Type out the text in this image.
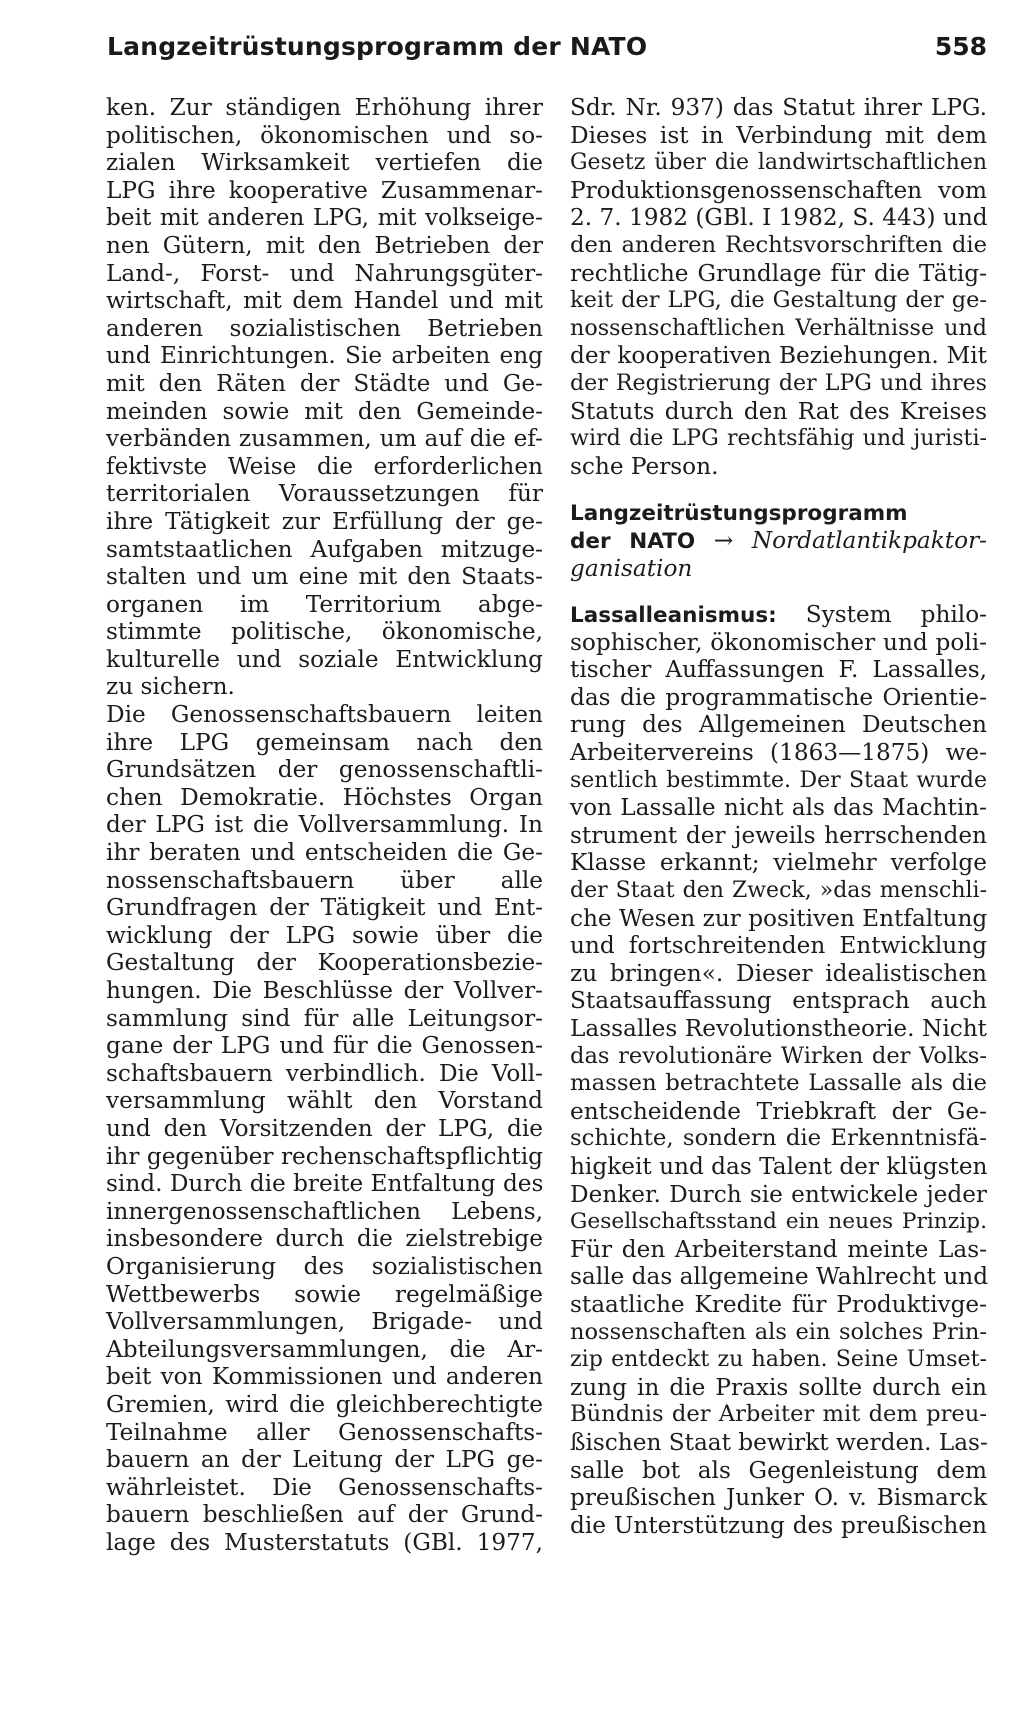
Langzeitrüstungsprogramm der NATO	558
ken. Zur ständigen Erhöhung ihrer
politischen, ökonomischen und so-
zialen Wirksamkeit vertiefen die
LPG ihre kooperative Zusammenar-
beit mit anderen LPG, mit volkseige-
nen Gütern, mit den Betrieben der
Land-, Forst- und Nahrungsgüter-
wirtschaft, mit dem Handel und mit
anderen sozialistischen Betrieben
und Einrichtungen. Sie arbeiten eng
mit den Räten der Städte und Ge-
meinden sowie mit den Gemeinde-
verbänden zusammen, um auf die ef-
fektivste Weise die erforderlichen
territorialen Voraussetzungen für
ihre Tätigkeit zur Erfüllung der ge-
samtstaatlichen Aufgaben mitzuge-
stalten und um eine mit den Staats-
organen im Territorium abge-
stimmte politische, ökonomische,
kulturelle und soziale Entwicklung
zu sichern.
Die Genossenschaftsbauern leiten
ihre LPG gemeinsam nach den
Grundsätzen der genossenschaftli-
chen Demokratie. Höchstes Organ
der LPG ist die Vollversammlung. In
ihr beraten und entscheiden die Ge-
nossenschaftsbauern über alle
Grundfragen der Tätigkeit und Ent-
wicklung der LPG sowie über die
Gestaltung der Kooperationsbezie-
hungen. Die Beschlüsse der Vollver-
sammlung sind für alle Leitungsor-
gane der LPG und für die Genossen-
schaftsbauern verbindlich. Die Voll-
versammlung wählt den Vorstand
und den Vorsitzenden der LPG, die
ihr gegenüber rechenschaftspflichtig
sind. Durch die breite Entfaltung des
innergenossenschaftlichen Lebens,
insbesondere durch die zielstrebige
Organisierung des sozialistischen
Wettbewerbs sowie regelmäßige
Vollversammlungen, Brigade- und
Abteilungsversammlungen, die Ar-
beit von Kommissionen und anderen
Gremien, wird die gleichberechtigte
Teilnahme aller Genossenschafts-
bauern an der Leitung der LPG ge-
währleistet. Die Genossenschafts-
bauern beschließen auf der Grund-
lage des Musterstatuts (GBl. 1977,
Sdr. Nr. 937) das Statut ihrer LPG.
Dieses ist in Verbindung mit dem
Gesetz über die landwirtschaftlichen
Produktionsgenossenschaften vom
2. 7. 1982 (GBl. I 1982, S. 443) und
den anderen Rechtsvorschriften die
rechtliche Grundlage für die Tätig-
keit der LPG, die Gestaltung der ge-
nossenschaftlichen Verhältnisse und
der kooperativen Beziehungen. Mit
der Registrierung der LPG und ihres
Statuts durch den Rat des Kreises
wird die LPG rechtsfähig und juristi-
sche Person.
Langzeitrüstungsprogramm
der NATO → Nordatlantikpaktor-
ganisation
Lassalleanismus: System philo-
sophischer, ökonomischer und poli-
tischer Auffassungen F. Lassalles,
das die programmatische Orientie-
rung des Allgemeinen Deutschen
Arbeitervereins (1863—1875) we-
sentlich bestimmte. Der Staat wurde
von Lassalle nicht als das Machtin-
strument der jeweils herrschenden
Klasse erkannt; vielmehr verfolge
der Staat den Zweck, »das menschli-
che Wesen zur positiven Entfaltung
und fortschreitenden Entwicklung
zu bringen«. Dieser idealistischen
Staatsauffassung entsprach auch
Lassalles Revolutionstheorie. Nicht
das revolutionäre Wirken der Volks-
massen betrachtete Lassalle als die
entscheidende Triebkraft der Ge-
schichte, sondern die Erkenntnisfä-
higkeit und das Talent der klügsten
Denker. Durch sie entwickele jeder
Gesellschaftsstand ein neues Prinzip.
Für den Arbeiterstand meinte Las-
salle das allgemeine Wahlrecht und
staatliche Kredite für Produktivge-
nossenschaften als ein solches Prin-
zip entdeckt zu haben. Seine Umset-
zung in die Praxis sollte durch ein
Bündnis der Arbeiter mit dem preu-
ßischen Staat bewirkt werden. Las-
salle bot als Gegenleistung dem
preußischen Junker O. v. Bismarck
die Unterstützung des preußischen
